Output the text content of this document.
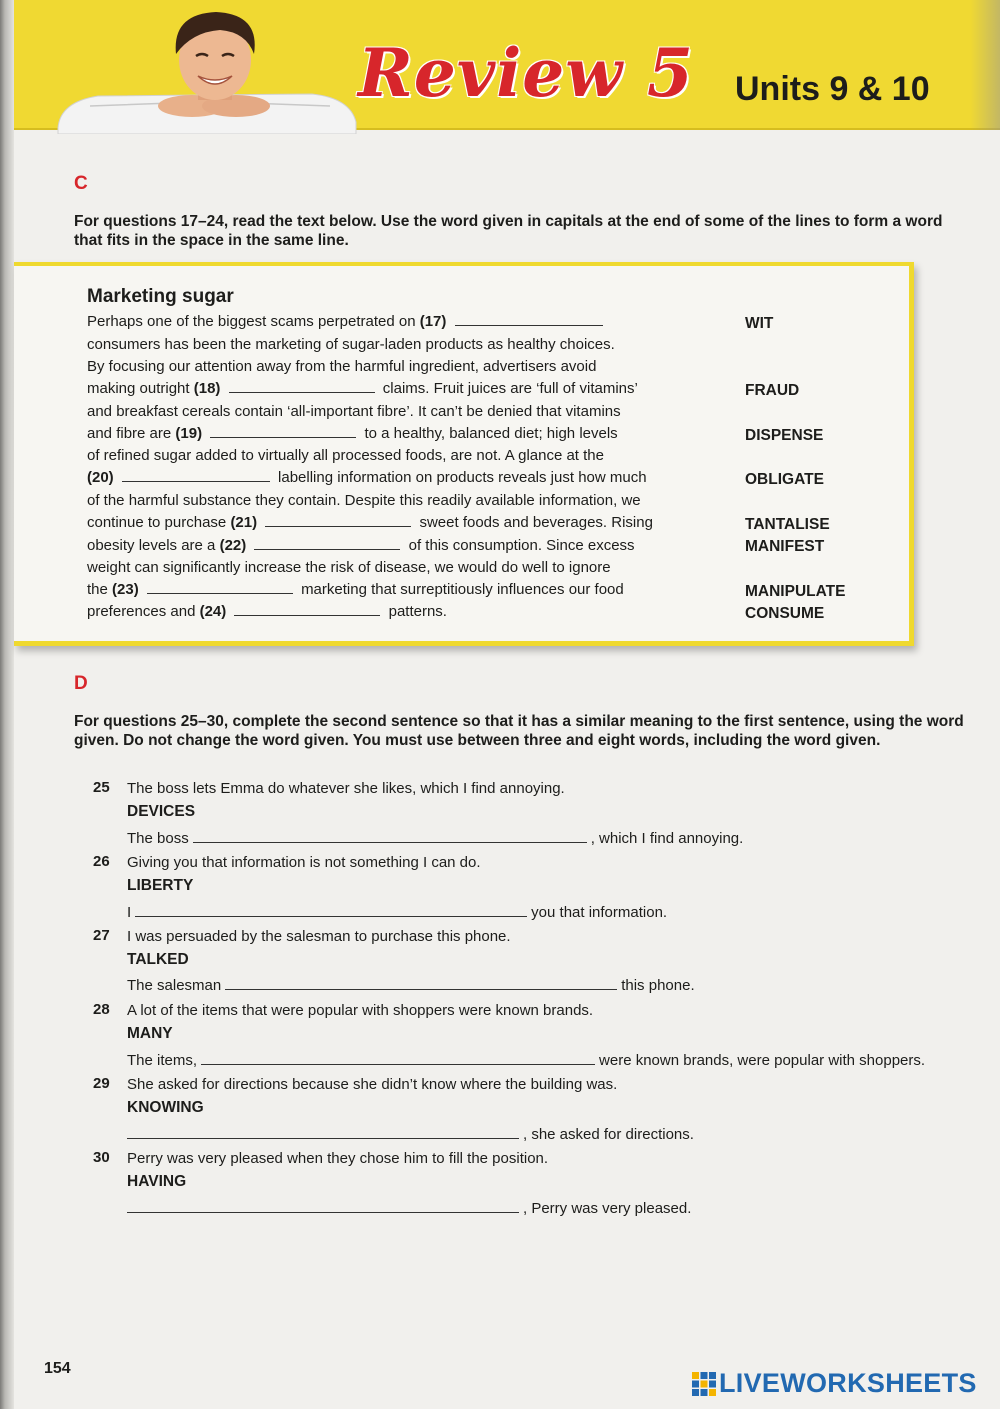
Review 5 Units 9 & 10
C
For questions 17–24, read the text below. Use the word given in capitals at the end of some of the lines to form a word that fits in the space in the same line.
Marketing sugar
Perhaps one of the biggest scams perpetrated on (17)
consumers has been the marketing of sugar-laden products as healthy choices.
By focusing our attention away from the harmful ingredient, advertisers avoid
making outright (18)	claims. Fruit juices are ‘full of vitamins’
and breakfast cereals contain ‘all-important fibre’. It can’t be denied that vitamins
and fibre are (19)	to a healthy, balanced diet; high levels
of refined sugar added to virtually all processed foods, are not. A glance at the
(20)	labelling information on products reveals just how much
of the harmful substance they contain. Despite this readily available information, we
continue to purchase (21)	sweet foods and beverages. Rising
obesity levels are a (22)	of this consumption. Since excess
weight can significantly increase the risk of disease, we would do well to ignore
the (23)	marketing that surreptitiously influences our food
preferences and (24)	patterns.
WIT
FRAUD
DISPENSE
OBLIGATE
TANTALISE
MANIFEST
MANIPULATE
CONSUME
D
For questions 25–30, complete the second sentence so that it has a similar meaning to the first sentence, using the word given. Do not change the word given. You must use between three and eight words, including the word given.
25 The boss lets Emma do whatever she likes, which I find annoying.
DEVICES
The boss	, which I find annoying.
26 Giving you that information is not something I can do.
LIBERTY
I	you that information.
27 I was persuaded by the salesman to purchase this phone.
TALKED
The salesman	this phone.
28 A lot of the items that were popular with shoppers were known brands.
MANY
The items,	were known brands, were popular with shoppers.
29 She asked for directions because she didn’t know where the building was.
KNOWING
, she asked for directions.
30 Perry was very pleased when they chose him to fill the position.
HAVING
, Perry was very pleased.
154	LIVEWORKSHEETS
